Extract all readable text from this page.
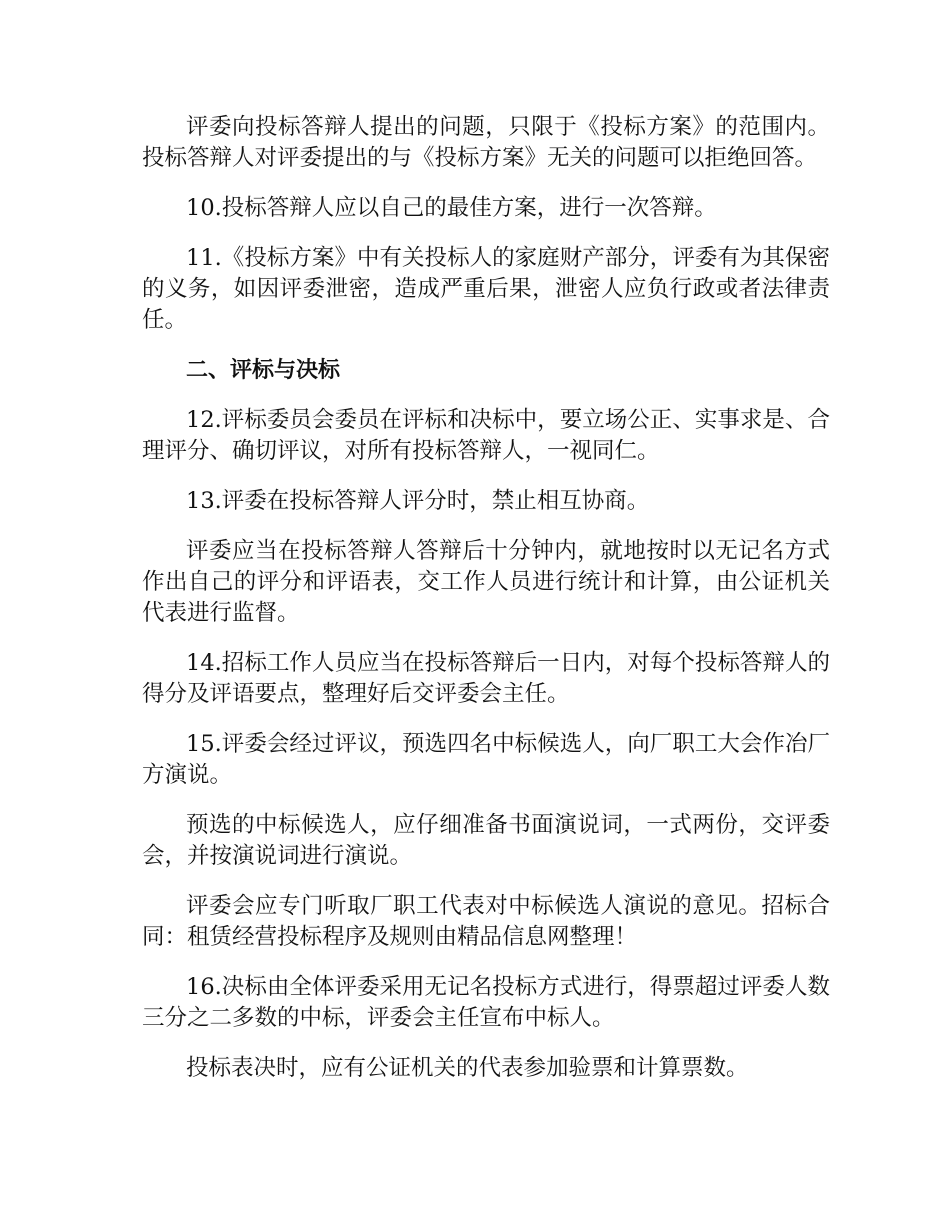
评委向投标答辩人提出的问题，只限于《投标方案》的范围内。投标答辩人对评委提出的与《投标方案》无关的问题可以拒绝回答。

10.投标答辩人应以自己的最佳方案，进行一次答辩。

11.《投标方案》中有关投标人的家庭财产部分，评委有为其保密的义务，如因评委泄密，造成严重后果，泄密人应负行政或者法律责任。

二、评标与决标

12.评标委员会委员在评标和决标中，要立场公正、实事求是、合理评分、确切评议，对所有投标答辩人，一视同仁。

13.评委在投标答辩人评分时，禁止相互协商。

评委应当在投标答辩人答辩后十分钟内，就地按时以无记名方式作出自己的评分和评语表，交工作人员进行统计和计算，由公证机关代表进行监督。

14.招标工作人员应当在投标答辩后一日内，对每个投标答辩人的得分及评语要点，整理好后交评委会主任。

15.评委会经过评议，预选四名中标候选人，向厂职工大会作冶厂方演说。

预选的中标候选人，应仔细准备书面演说词，一式两份，交评委会，并按演说词进行演说。

评委会应专门听取厂职工代表对中标候选人演说的意见。招标合同：租赁经营投标程序及规则由精品信息网整理！

16.决标由全体评委采用无记名投标方式进行，得票超过评委人数三分之二多数的中标，评委会主任宣布中标人。

投标表决时，应有公证机关的代表参加验票和计算票数。
